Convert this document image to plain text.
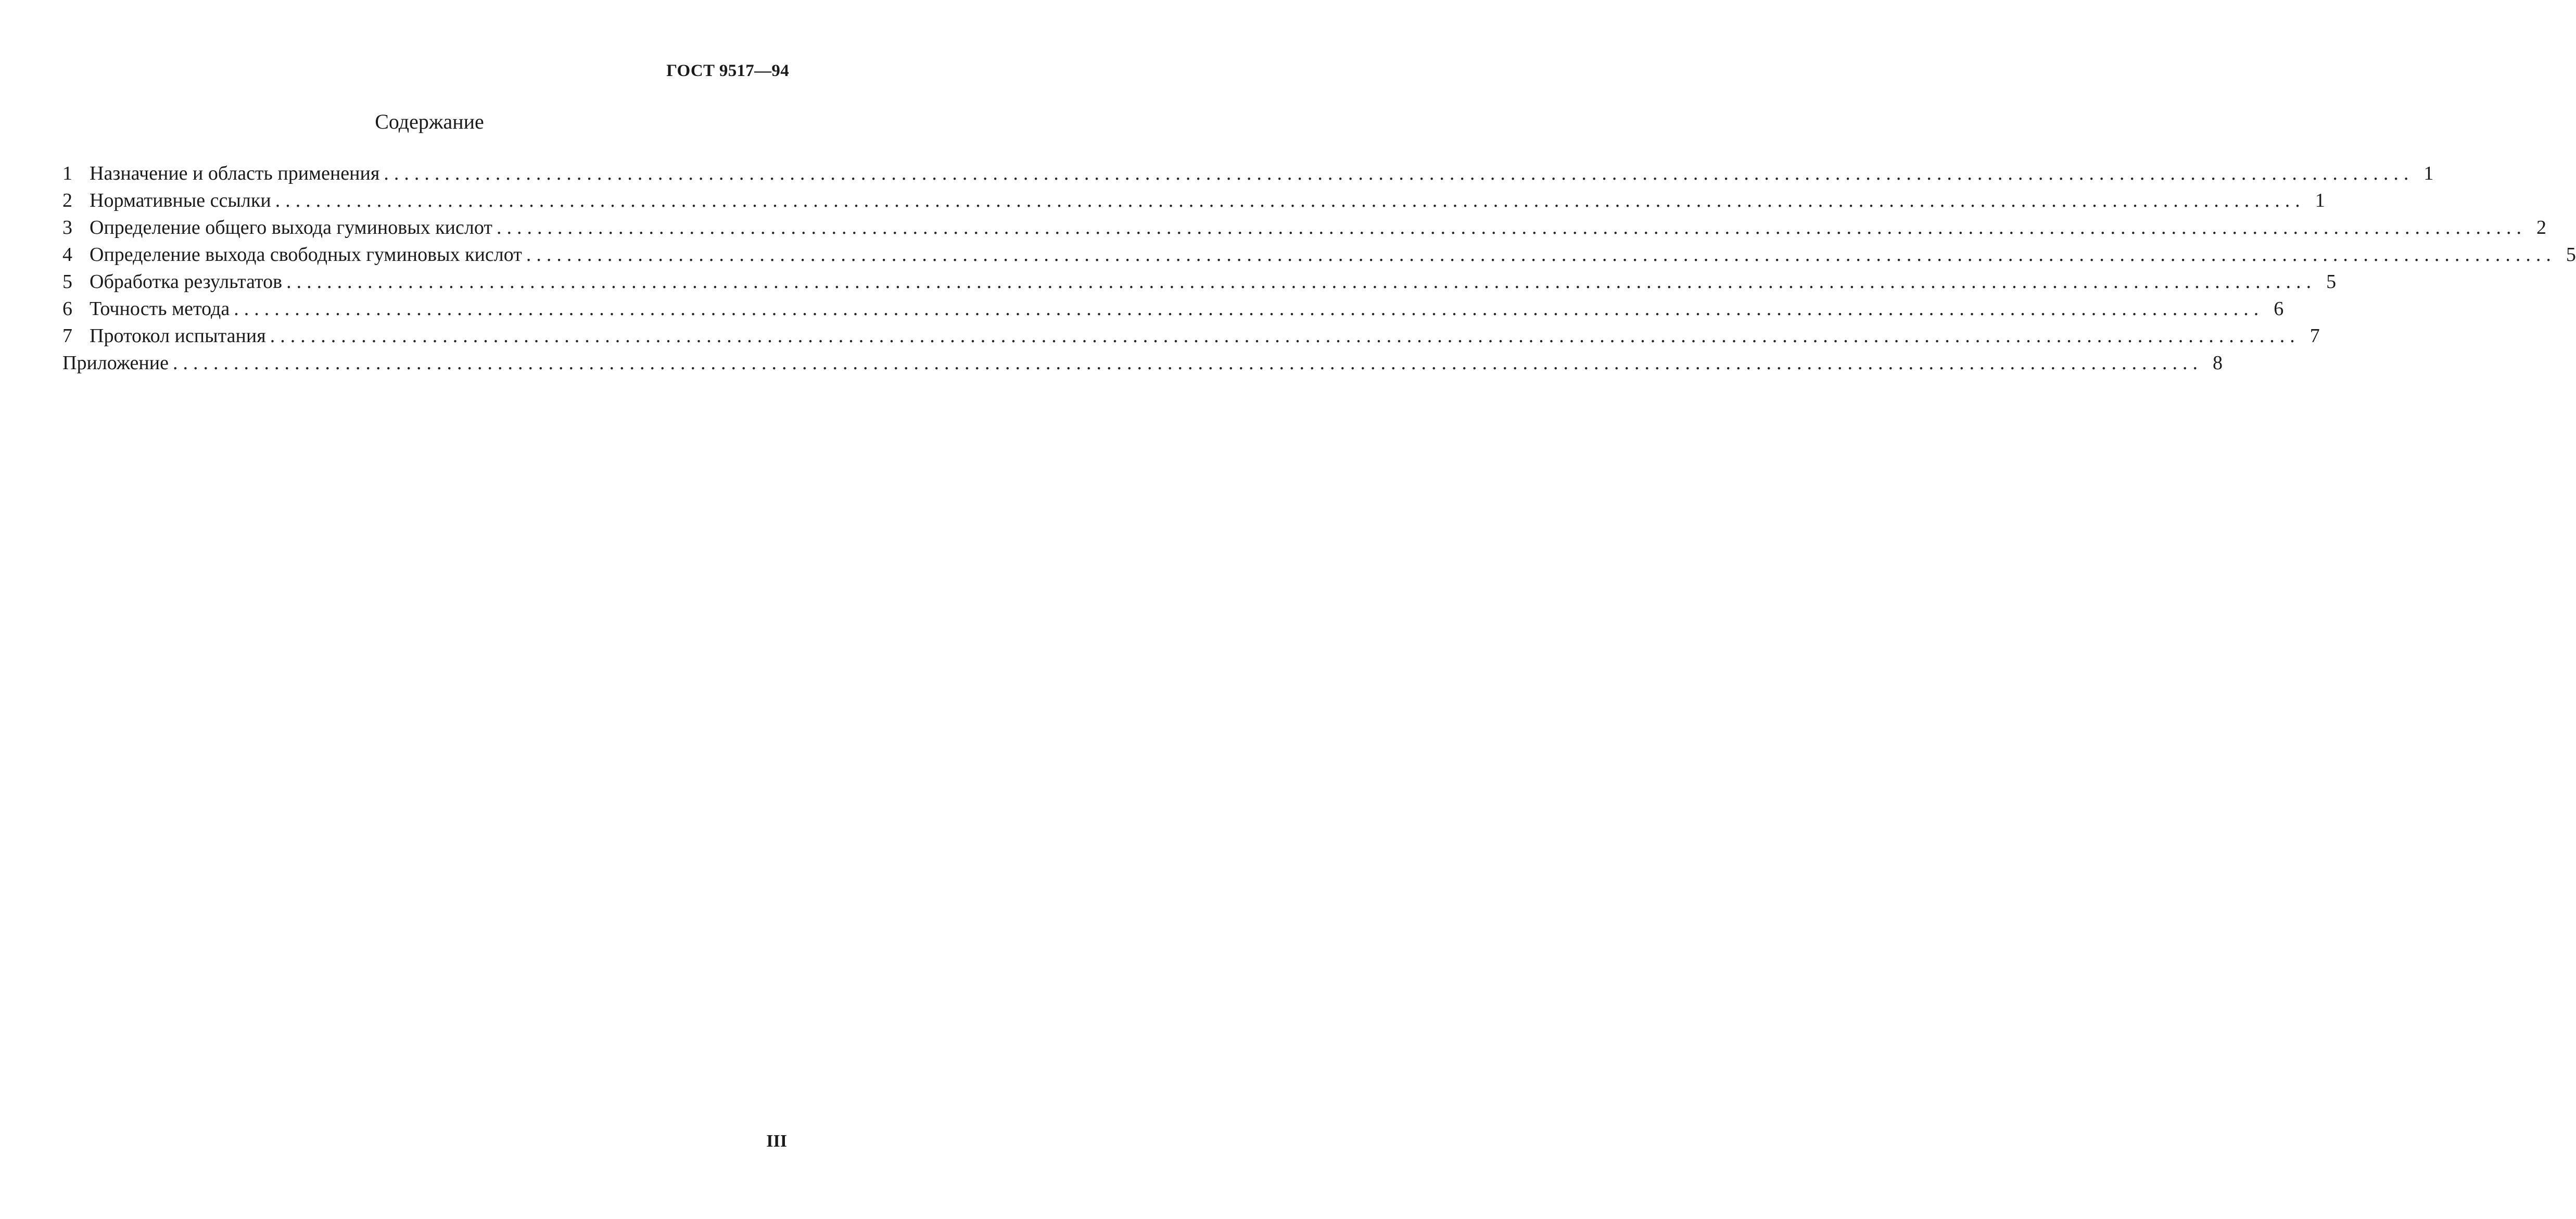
ГОСТ 9517—94
Содержание
1 Назначение и область применения ........................................................................................................................................................................................................ 1
2 Нормативные ссылки ........................................................................................................................................................................................................ 1
3 Определение общего выхода гуминовых кислот ........................................................................................................................................................................................................ 2
4 Определение выхода свободных гуминовых кислот ........................................................................................................................................................................................................ 5
5 Обработка результатов ........................................................................................................................................................................................................ 5
6 Точность метода ........................................................................................................................................................................................................ 6
7 Протокол испытания ........................................................................................................................................................................................................ 7
Приложение ........................................................................................................................................................................................................ 8
III
